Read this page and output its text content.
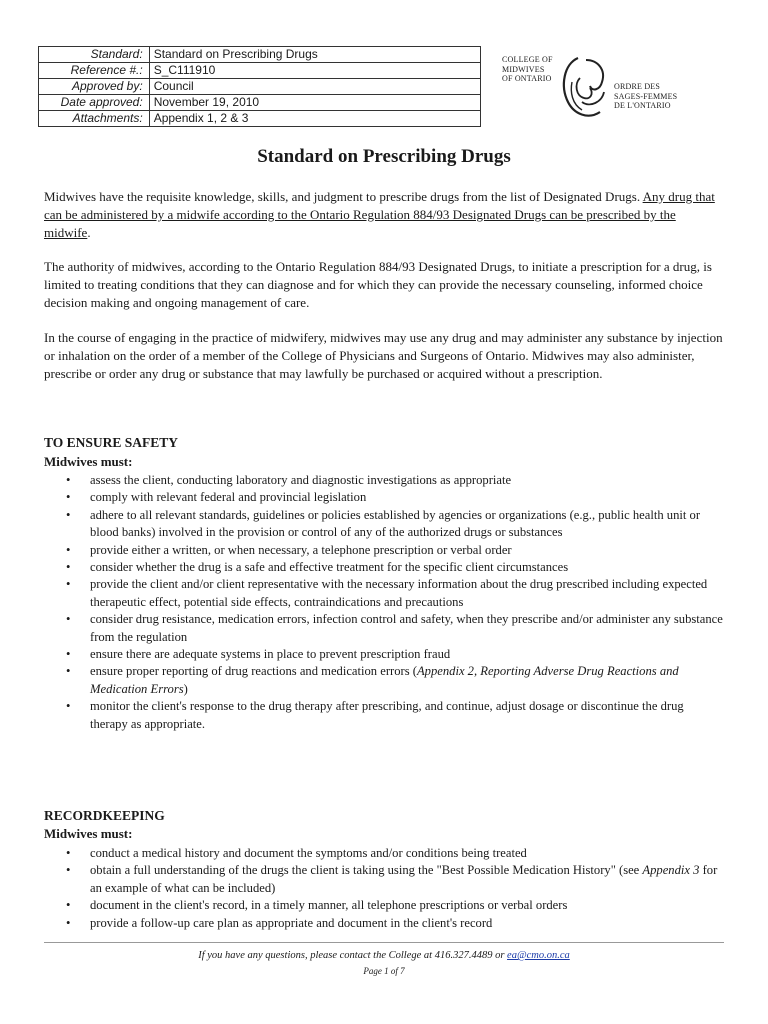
Standard:	Standard on Prescribing Drugs
Reference #.:	S_C111910
Approved by:	Council
Date approved:	November 19, 2010
Attachments:	Appendix 1, 2 & 3
COLLEGE OF
MIDWIVES
OF ONTARIO
ORDRE DES
SAGES-FEMMES
DE L'ONTARIO
Standard on Prescribing Drugs

Midwives have the requisite knowledge, skills, and judgment to prescribe drugs from the list of Designated Drugs. Any drug that can be administered by a midwife according to the Ontario Regulation 884/93 Designated Drugs can be prescribed by the midwife.

The authority of midwives, according to the Ontario Regulation 884/93 Designated Drugs, to initiate a prescription for a drug, is limited to treating conditions that they can diagnose and for which they can provide the necessary counseling, informed choice decision making and ongoing management of care.

In the course of engaging in the practice of midwifery, midwives may use any drug and may administer any substance by injection or inhalation on the order of a member of the College of Physicians and Surgeons of Ontario. Midwives may also administer, prescribe or order any drug or substance that may lawfully be purchased or acquired without a prescription.

TO ENSURE SAFETY

Midwives must:

• assess the client, conducting laboratory and diagnostic investigations as appropriate
• comply with relevant federal and provincial legislation
• adhere to all relevant standards, guidelines or policies established by agencies or organizations (e.g., public health unit or blood banks) involved in the provision or control of any of the authorized drugs or substances
• provide either a written, or when necessary, a telephone prescription or verbal order
• consider whether the drug is a safe and effective treatment for the specific client circumstances
• provide the client and/or client representative with the necessary information about the drug prescribed including expected therapeutic effect, potential side effects, contraindications and precautions
• consider drug resistance, medication errors, infection control and safety, when they prescribe and/or administer any substance from the regulation
• ensure there are adequate systems in place to prevent prescription fraud
• ensure proper reporting of drug reactions and medication errors (Appendix 2, Reporting Adverse Drug Reactions and Medication Errors)
• monitor the client's response to the drug therapy after prescribing, and continue, adjust dosage or discontinue the drug therapy as appropriate.

RECORDKEEPING

Midwives must:

• conduct a medical history and document the symptoms and/or conditions being treated
• obtain a full understanding of the drugs the client is taking using the "Best Possible Medication History" (see Appendix 3 for an example of what can be included)
• document in the client's record, in a timely manner, all telephone prescriptions or verbal orders
• provide a follow-up care plan as appropriate and document in the client's record
If you have any questions, please contact the College at 416.327.4489 or ea@cmo.on.ca
Page 1 of 7
